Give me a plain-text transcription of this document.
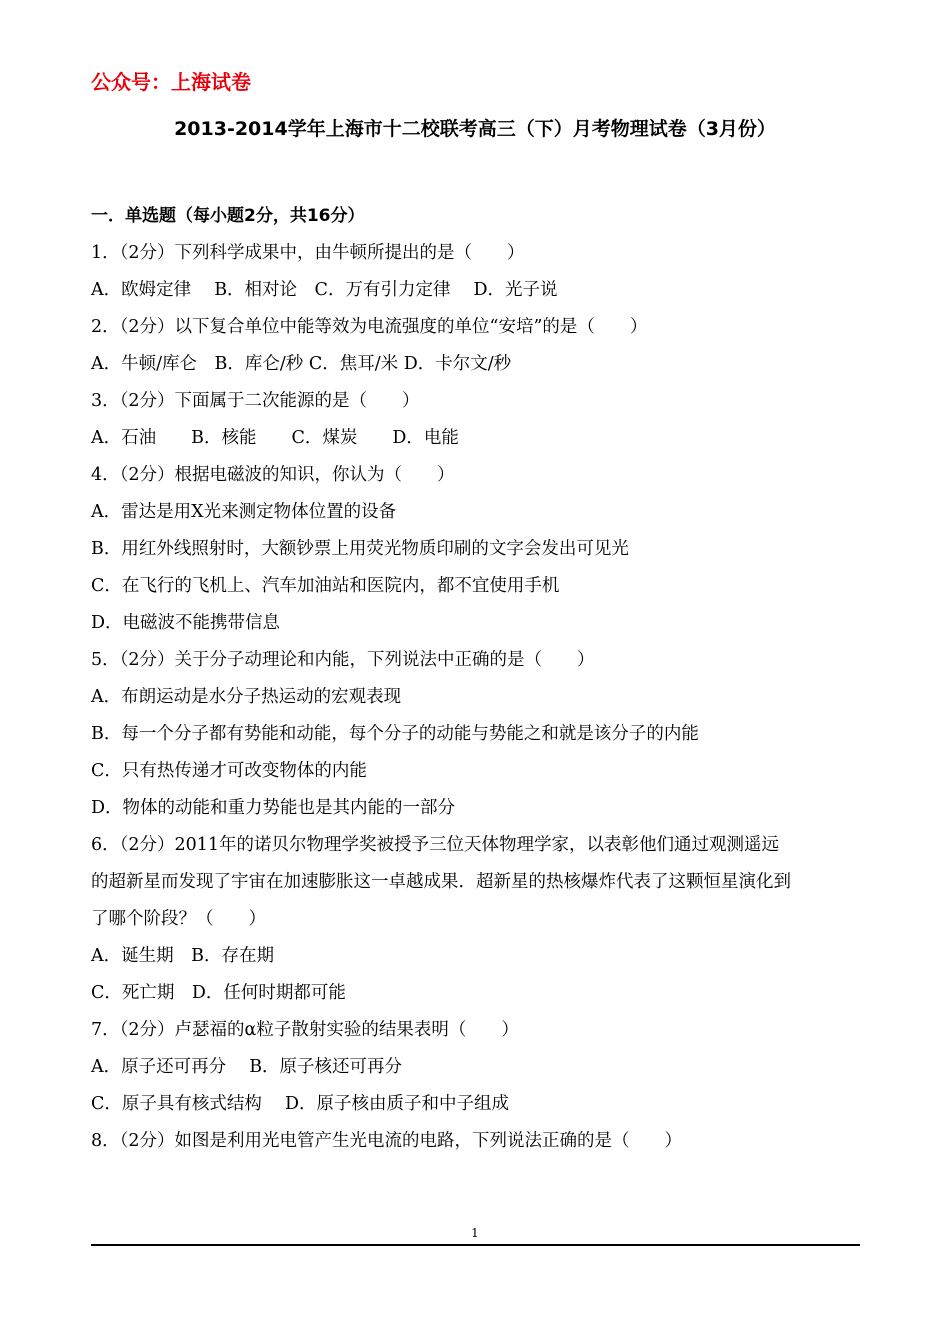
公众号：上海试卷
2013-2014学年上海市十二校联考高三（下）月考物理试卷（3月份）
一．单选题（每小题2分，共16分）
1．（2分）下列科学成果中，由牛顿所提出的是（　　）
A．欧姆定律　 B．相对论　C．万有引力定律　 D．光子说
2．（2分）以下复合单位中能等效为电流强度的单位“安培”的是（　　）
A．牛顿/库仑　B．库仑/秒 C．焦耳/米 D．卡尔文/秒
3．（2分）下面属于二次能源的是（　　）
A．石油　　B．核能　　C．煤炭　　D．电能
4．（2分）根据电磁波的知识，你认为（　　）
A．雷达是用X光来测定物体位置的设备
B．用红外线照射时，大额钞票上用荧光物质印刷的文字会发出可见光
C．在飞行的飞机上、汽车加油站和医院内，都不宜使用手机
D．电磁波不能携带信息
5．（2分）关于分子动理论和内能，下列说法中正确的是（　　）
A．布朗运动是水分子热运动的宏观表现
B．每一个分子都有势能和动能，每个分子的动能与势能之和就是该分子的内能
C．只有热传递才可改变物体的内能
D．物体的动能和重力势能也是其内能的一部分
6．（2分）2011年的诺贝尔物理学奖被授予三位天体物理学家，以表彰他们通过观测遥远
的超新星而发现了宇宙在加速膨胀这一卓越成果．超新星的热核爆炸代表了这颗恒星演化到
了哪个阶段？（　　）
A．诞生期　B．存在期
C．死亡期　D．任何时期都可能
7．（2分）卢瑟福的α粒子散射实验的结果表明（　　）
A．原子还可再分　 B．原子核还可再分
C．原子具有核式结构　 D．原子核由质子和中子组成
8．（2分）如图是利用光电管产生光电流的电路，下列说法正确的是（　　）
1
